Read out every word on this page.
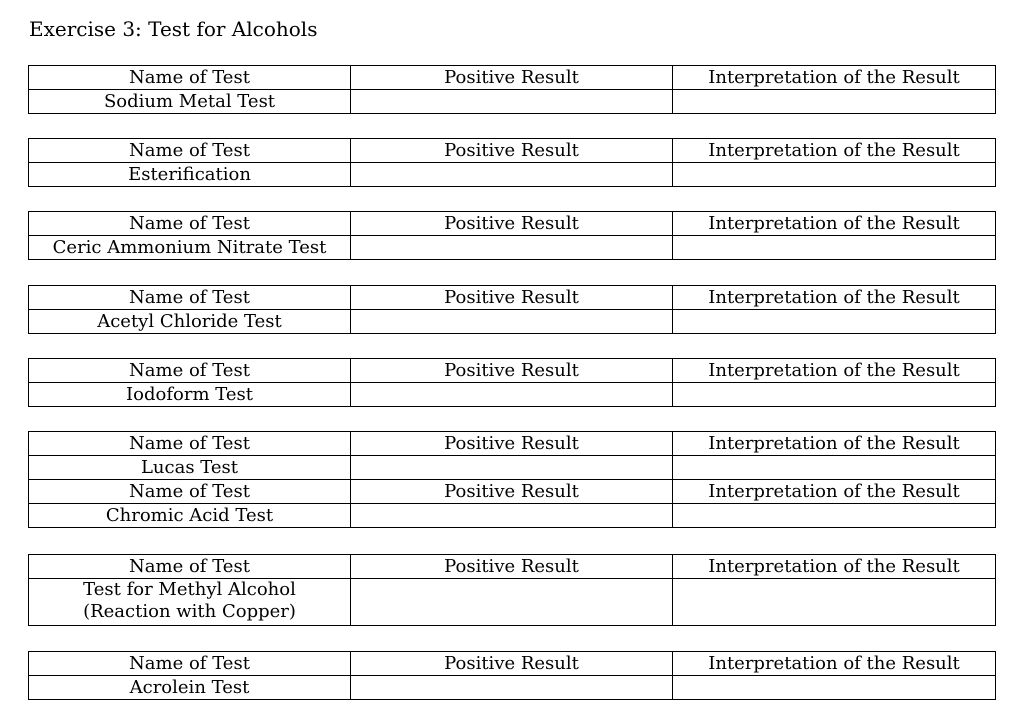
Exercise 3: Test for Alcohols
Name of Test	Positive Result	Interpretation of the Result
Sodium Metal Test		
Name of Test	Positive Result	Interpretation of the Result
Esterification		
Name of Test	Positive Result	Interpretation of the Result
Ceric Ammonium Nitrate Test		
Name of Test	Positive Result	Interpretation of the Result
Acetyl Chloride Test		
Name of Test	Positive Result	Interpretation of the Result
Iodoform Test		
Name of Test	Positive Result	Interpretation of the Result
Lucas Test		
Name of Test	Positive Result	Interpretation of the Result
Chromic Acid Test		
Name of Test	Positive Result	Interpretation of the Result
Test for Methyl Alcohol
(Reaction with Copper)		
Name of Test	Positive Result	Interpretation of the Result
Acrolein Test		
